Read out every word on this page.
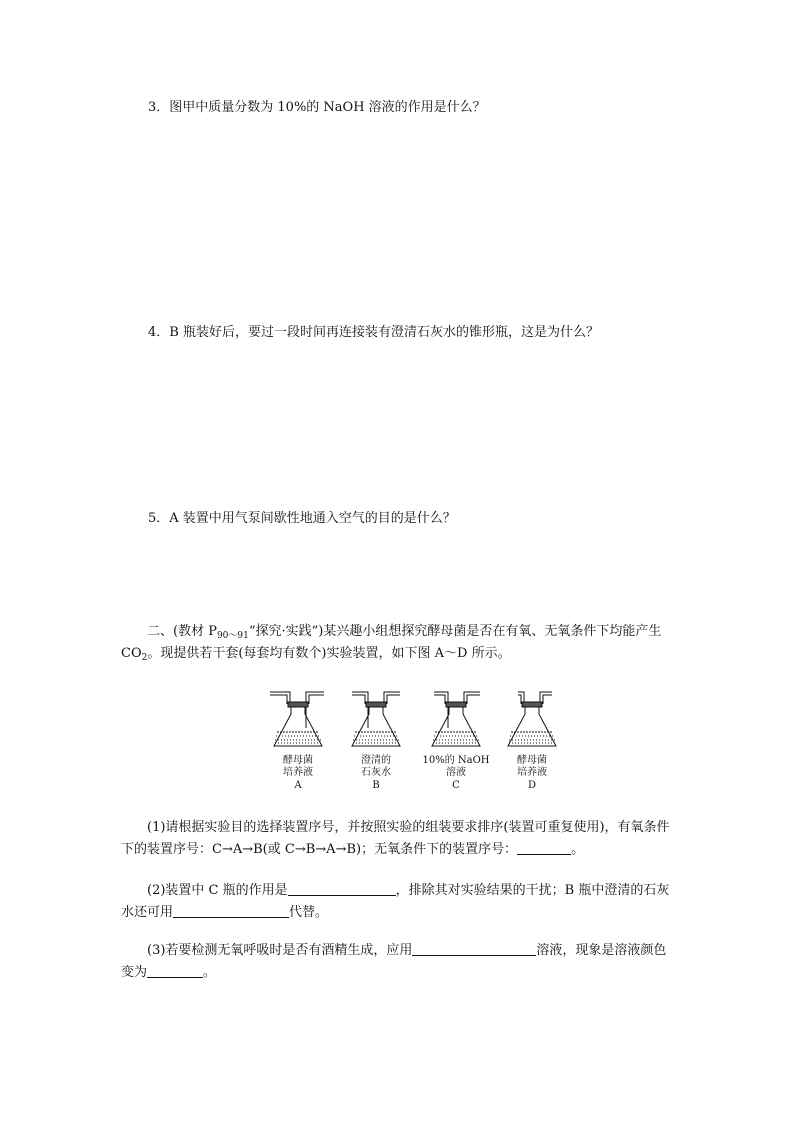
3．图甲中质量分数为 10%的 NaOH 溶液的作用是什么？
4．B 瓶装好后，要过一段时间再连接装有澄清石灰水的锥形瓶，这是为什么？
5．A 装置中用气泵间歇性地通入空气的目的是什么？
二、(教材 $P_{90\sim 91}“$探究·实践”)某兴趣小组想探究酵母菌是否在有氧、无氧条件下均能产生 $CO_2$。现提供若干套(每套均有数个)实验装置，如下图 A～D 所示。
酵母菌
培养液
A
澄清的
石灰水
B
10%的 NaOH
溶液
C
酵母菌
培养液
D
(1)请根据实验目的选择装置序号，并按照实验的组装要求排序(装置可重复使用)，有氧条件下的装置序号：C→A→B(或 C→B→A→B)；无氧条件下的装置序号：	。
(2)装置中 C 瓶的作用是	，排除其对实验结果的干扰；B 瓶中澄清的石灰水还可用	代替。
(3)若要检测无氧呼吸时是否有酒精生成，应用	溶液，现象是溶液颜色变为	。
